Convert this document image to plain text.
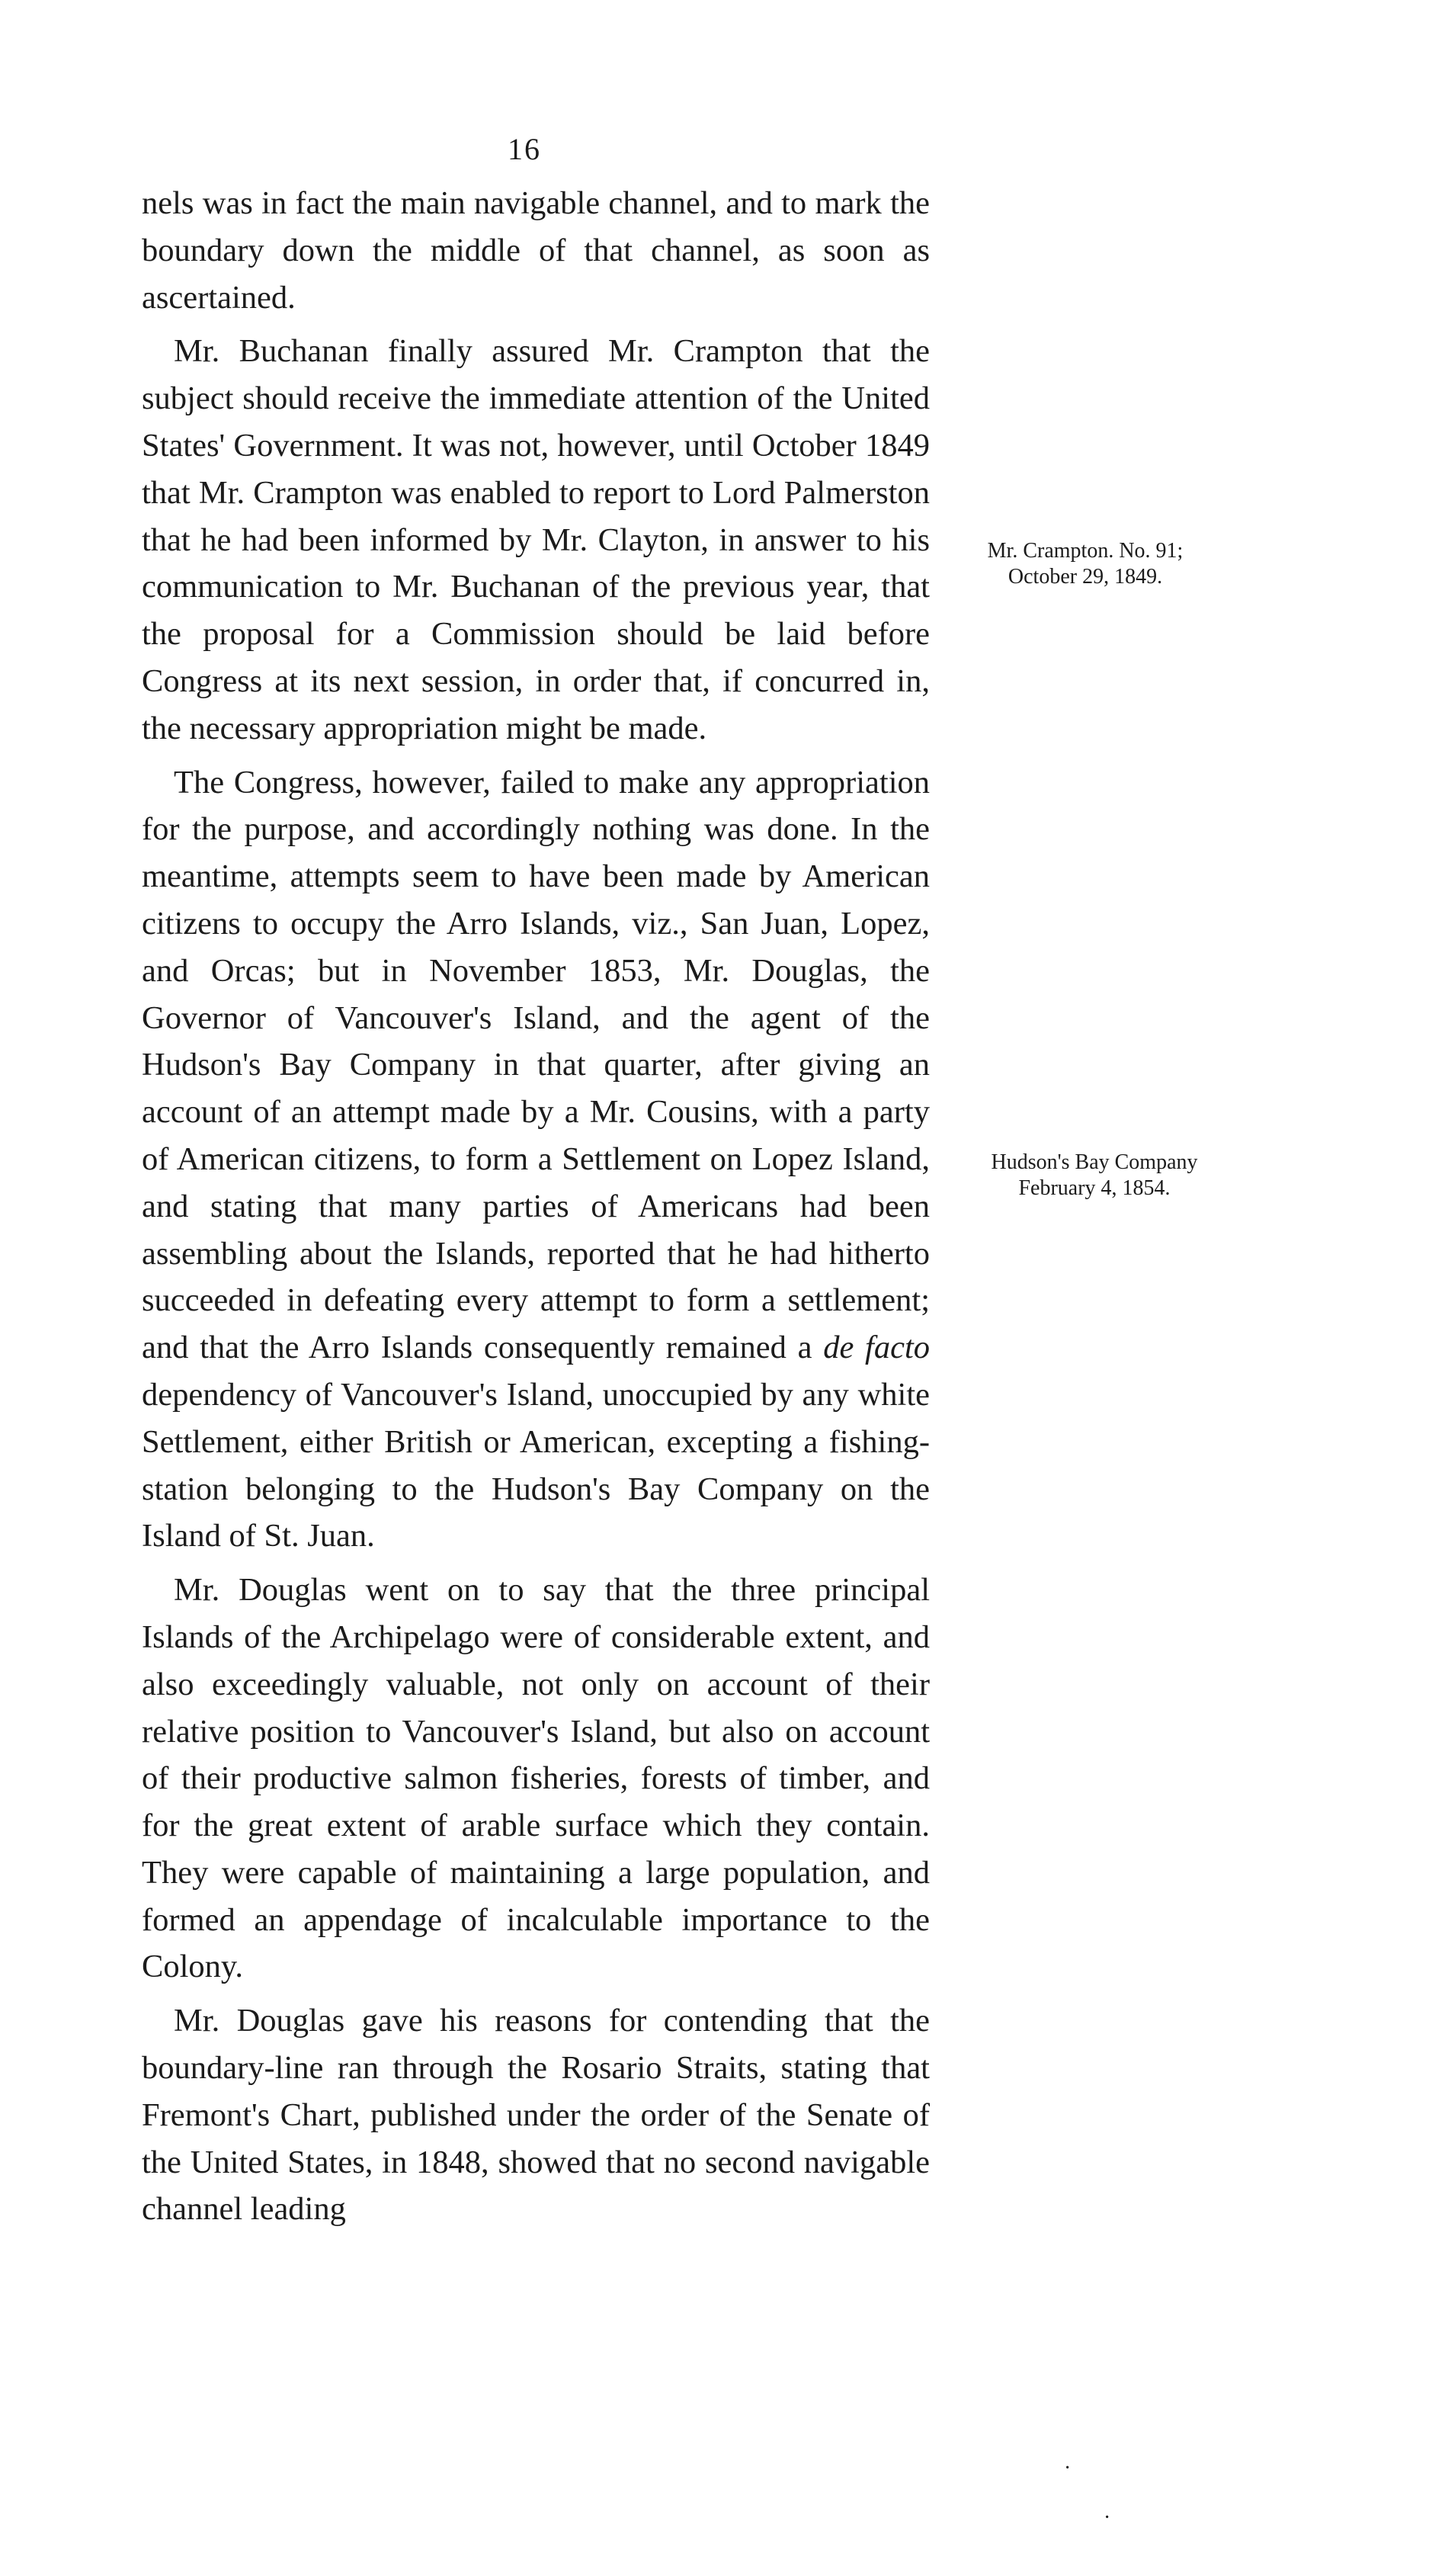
16

nels was in fact the main navigable channel, and to mark the boundary down the middle of that channel, as soon as ascertained.

Mr. Buchanan finally assured Mr. Crampton that the subject should receive the immediate attention of the United States' Government. It was not, however, until October 1849 that Mr. Crampton was enabled to report to Lord Palmerston that he had been informed by Mr. Clayton, in answer to his communication to Mr. Buchanan of the previous year, that the proposal for a Commission should be laid before Congress at its next session, in order that, if concurred in, the necessary appropriation might be made.

The Congress, however, failed to make any appropriation for the purpose, and accordingly nothing was done. In the meantime, attempts seem to have been made by American citizens to occupy the Arro Islands, viz., San Juan, Lopez, and Orcas; but in November 1853, Mr. Douglas, the Governor of Vancouver's Island, and the agent of the Hudson's Bay Company in that quarter, after giving an account of an attempt made by a Mr. Cousins, with a party of American citizens, to form a Settlement on Lopez Island, and stating that many parties of Americans had been assembling about the Islands, reported that he had hitherto succeeded in defeating every attempt to form a settlement; and that the Arro Islands consequently remained a de facto dependency of Vancouver's Island, unoccupied by any white Settlement, either British or American, excepting a fishing-station belonging to the Hudson's Bay Company on the Island of St. Juan.

Mr. Douglas went on to say that the three principal Islands of the Archipelago were of considerable extent, and also exceedingly valuable, not only on account of their relative position to Vancouver's Island, but also on account of their productive salmon fisheries, forests of timber, and for the great extent of arable surface which they contain. They were capable of maintaining a large population, and formed an appendage of incalculable importance to the Colony.

Mr. Douglas gave his reasons for contending that the boundary-line ran through the Rosario Straits, stating that Fremont's Chart, published under the order of the Senate of the United States, in 1848, showed that no second navigable channel leading

Mr. Crampton. No. 91;
October 29, 1849.
Hudson's Bay Company
February 4, 1854.
·
·
